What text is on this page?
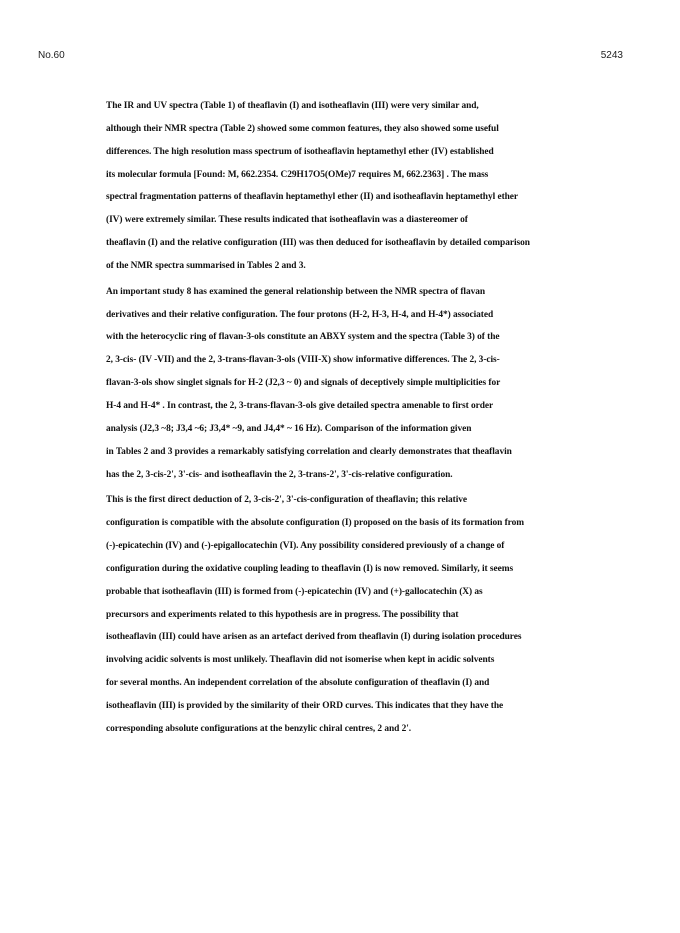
No.60	5243

The IR and UV spectra (Table 1) of theaflavin (I) and isotheaflavin (III) were very similar and,
although their NMR spectra (Table 2) showed some common features, they also showed some useful
differences. The high resolution mass spectrum of isotheaflavin heptamethyl ether (IV) established
its molecular formula [Found: M, 662.2354. C29H17O5(OMe)7 requires M, 662.2363] . The mass
spectral fragmentation patterns of theaflavin heptamethyl ether (II) and isotheaflavin heptamethyl ether
(IV) were extremely similar. These results indicated that isotheaflavin was a diastereomer of
theaflavin (I) and the relative configuration (III) was then deduced for isotheaflavin by detailed comparison
of the NMR spectra summarised in Tables 2 and 3.

An important study 8 has examined the general relationship between the NMR spectra of flavan
derivatives and their relative configuration. The four protons (H-2, H-3, H-4, and H-4*) associated
with the heterocyclic ring of flavan-3-ols constitute an ABXY system and the spectra (Table 3) of the
2, 3-cis- (IV -VII) and the 2, 3-trans-flavan-3-ols (VIII-X) show informative differences. The 2, 3-cis-
flavan-3-ols show singlet signals for H-2 (J2,3 ~ 0) and signals of deceptively simple multiplicities for
H-4 and H-4* . In contrast, the 2, 3-trans-flavan-3-ols give detailed spectra amenable to first order
analysis (J2,3 ~8; J3,4 ~6; J3,4* ~9, and J4,4* ~ 16 Hz). Comparison of the information given
in Tables 2 and 3 provides a remarkably satisfying correlation and clearly demonstrates that theaflavin
has the 2, 3-cis-2', 3'-cis- and isotheaflavin the 2, 3-trans-2', 3'-cis-relative configuration.

This is the first direct deduction of 2, 3-cis-2', 3'-cis-configuration of theaflavin; this relative
configuration is compatible with the absolute configuration (I) proposed on the basis of its formation from
(-)-epicatechin (IV) and (-)-epigallocatechin (VI). Any possibility considered previously of a change of
configuration during the oxidative coupling leading to theaflavin (I) is now removed. Similarly, it seems
probable that isotheaflavin (III) is formed from (-)-epicatechin (IV) and (+)-gallocatechin (X) as
precursors and experiments related to this hypothesis are in progress. The possibility that
isotheaflavin (III) could have arisen as an artefact derived from theaflavin (I) during isolation procedures
involving acidic solvents is most unlikely. Theaflavin did not isomerise when kept in acidic solvents
for several months. An independent correlation of the absolute configuration of theaflavin (I) and
isotheaflavin (III) is provided by the similarity of their ORD curves. This indicates that they have the
corresponding absolute configurations at the benzylic chiral centres, 2 and 2'.
